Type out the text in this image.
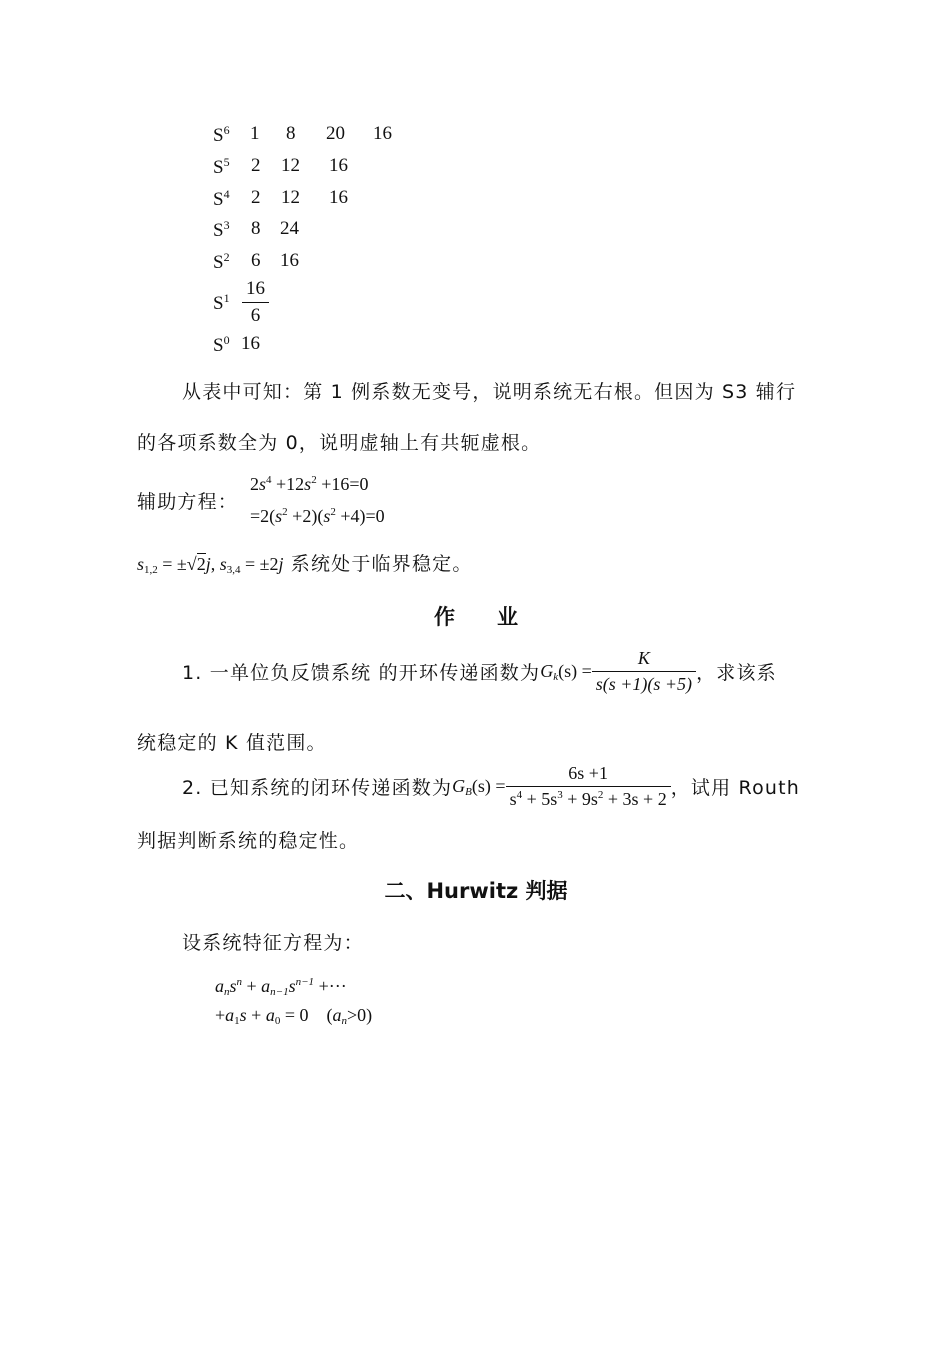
$S^6$ 1 8 20 16
$S^5$ 2 12 16
$S^4$ 2 12 16
$S^3$ 8 24
$S^2$ 6 16
$S^1 \frac{16}{6}$
$S^0$ 16
从表中可知：第 1 例系数无变号，说明系统无右根。但因为 S3 辅行
的各项系数全为 0，说明虚轴上有共轭虚根。
辅助方程：
$2s^4 +12s^2 +16=0$
$=2(s^2 +2)(s^2 +4)=0$
$s_{1,2} = \pm√2j$, $s_{3,4} = \pm 2j$ 系统处于临界稳定。
作　　业
1. 一单位负反馈系统 的开环传递函数为$G_k(s) = \frac{K}{s(s +1)(s +5)}$ ，求该系
统稳定的 K 值范围。
2. 已知系统的闭环传递函数为$G_B(s) = \frac{6s +1}{s^4 + 5s^3 + 9s^2 + 3s + 2}$ ，试用 Routh
判据判断系统的稳定性。
二、Hurwitz 判据
设系统特征方程为：
$a_ns^n + a_{n-1}s^{n-1}$ +···
$+a_1s + a_0 = 0$    $(a_n>0)$
